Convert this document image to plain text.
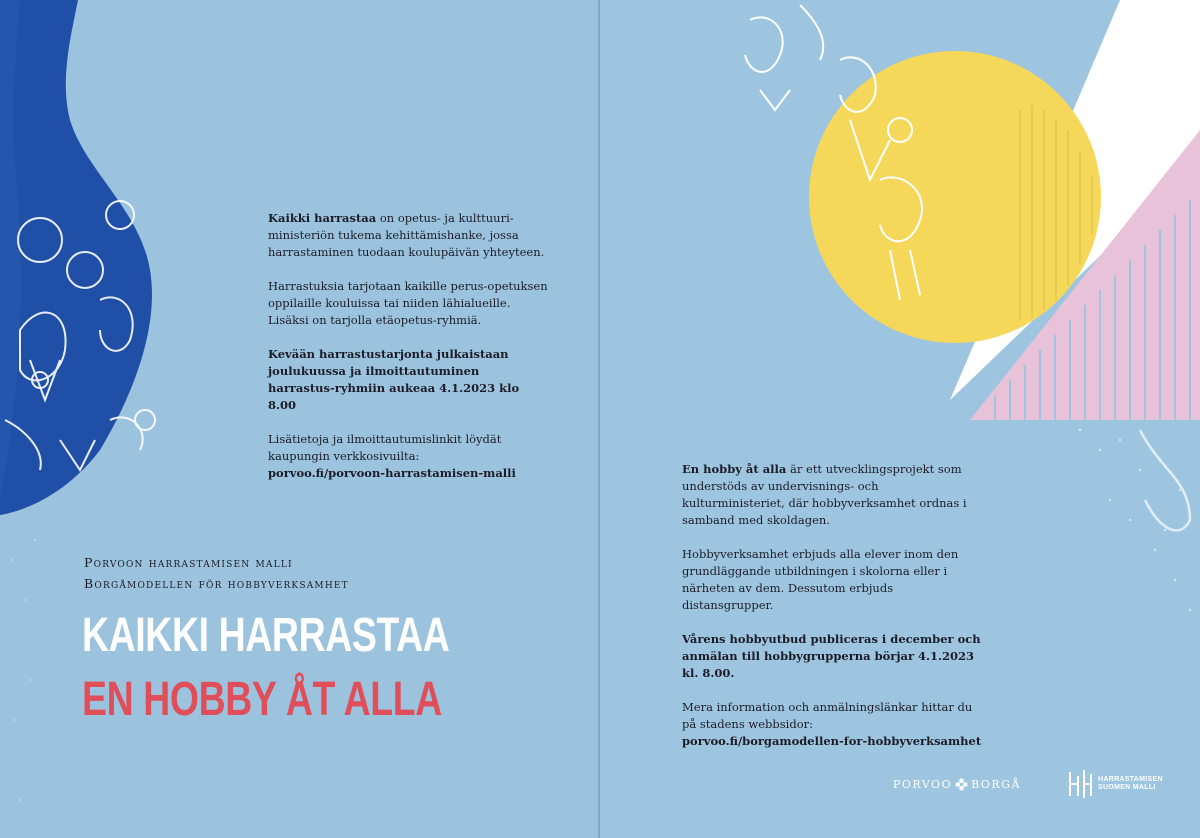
Kaikki harrastaa on opetus- ja kulttuuri-ministeriön tukema kehittämishanke, jossa harrastaminen tuodaan koulupäivän yhteyteen.

Harrastuksia tarjotaan kaikille perus-opetuksen oppilaille kouluissa tai niiden lähialueille. Lisäksi on tarjolla etäopetus-ryhmiä.

Kevään harrastustarjonta julkaistaan joulukuussa ja ilmoittautuminen harrastus-ryhmiin aukeaa 4.1.2023 klo 8.00

Lisätietoja ja ilmoittautumislinkit löydät kaupungin verkkosivuilta:
porvoo.fi/porvoon-harrastamisen-malli

Porvoon harrastamisen malli
Borgåmodellen för hobbyverksamhet
KAIKKI HARRASTAA
EN HOBBY ÅT ALLA

En hobby åt alla är ett utvecklingsprojekt som understöds av undervisnings- och kulturministeriet, där hobbyverksamhet ordnas i samband med skoldagen.

Hobbyverksamhet erbjuds alla elever inom den grundläggande utbildningen i skolorna eller i närheten av dem. Dessutom erbjuds distansgrupper.

Vårens hobbyutbud publiceras i december och anmälan till hobbygrupperna börjar 4.1.2023 kl. 8.00.

Mera information och anmälningslänkar hittar du på stadens webbsidor:
porvoo.fi/borgamodellen-for-hobbyverksamhet

PORVOO BORGÅ	HARRASTAMISEN
SUOMEN MALLI
